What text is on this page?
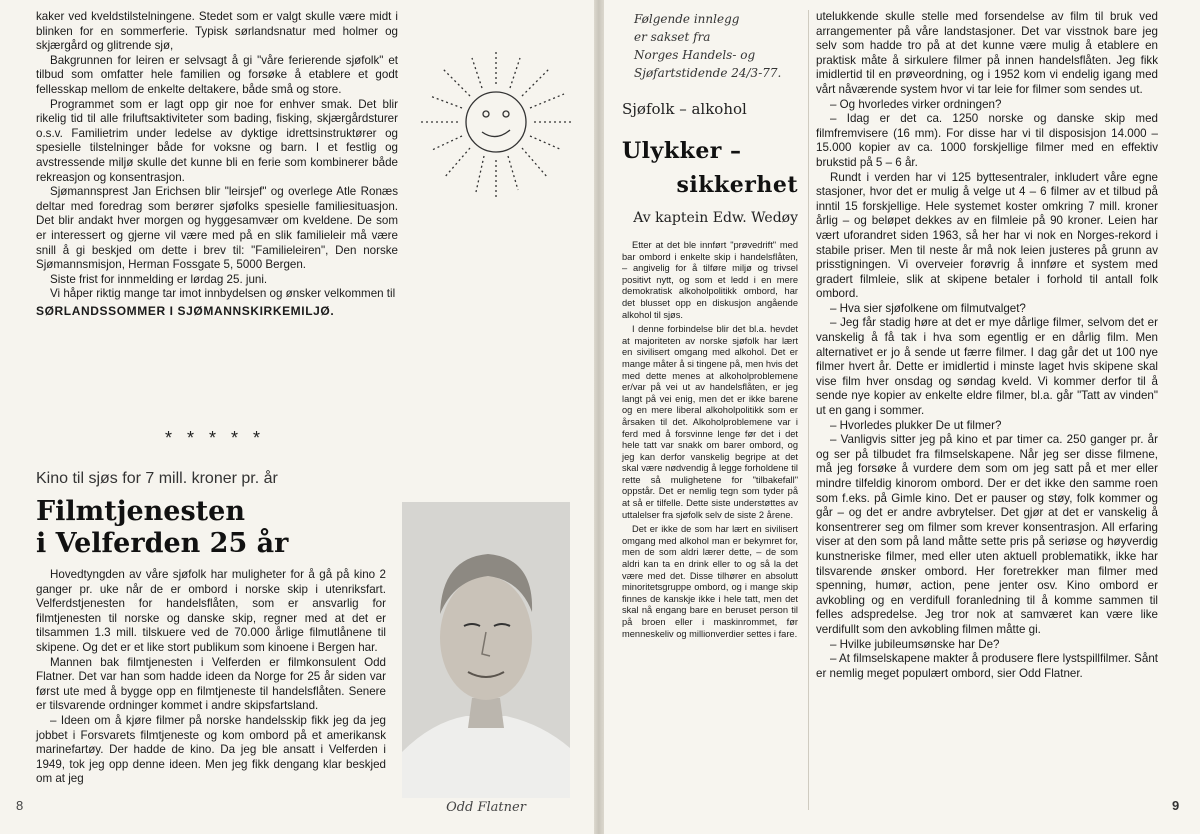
kaker ved kveldstilstelningene. Stedet som er valgt skulle være midt i blinken for en sommerferie. Typisk sørlandsnatur med holmer og skjærgård og glitrende sjø,

Bakgrunnen for leiren er selvsagt å gi "våre ferierende sjøfolk" et tilbud som omfatter hele familien og forsøke å etablere et godt fellesskap mellom de enkelte deltakere, både små og store.

Programmet som er lagt opp gir noe for enhver smak. Det blir rikelig tid til alle friluftsaktiviteter som bading, fisking, skjærgårdsturer o.s.v. Familietrim under ledelse av dyktige idrettsinstruktører og spesielle tilstelninger både for voksne og barn. I et festlig og avstressende miljø skulle det kunne bli en ferie som kombinerer både rekreasjon og konsentrasjon.

Sjømannsprest Jan Erichsen blir "leirsjef" og overlege Atle Ronæs deltar med foredrag som berører sjøfolks spesielle familiesituasjon. Det blir andakt hver morgen og hyggesamvær om kveldene. De som er interessert og gjerne vil være med på en slik familieleir må være snill å gi beskjed om dette i brev til: "Familieleiren", Den norske Sjømannsmisjon, Herman Fossgate 5, 5000 Bergen.

Siste frist for innmelding er lørdag 25. juni.

Vi håper riktig mange tar imot innbydelsen og ønsker velkommen til

SØRLANDSSOMMER I SJØMANNSKIRKEMILJØ.
* * * * *
Kino til sjøs for 7 mill. kroner pr. år
Filmtjenesten
i Velferden 25 år

Hovedtyngden av våre sjøfolk har muligheter for å gå på kino 2 ganger pr. uke når de er ombord i norske skip i utenriksfart. Velferdstjenesten for handelsflåten, som er ansvarlig for filmtjenesten til norske og danske skip, regner med at det er tilsammen 1.3 mill. tilskuere ved de 70.000 årlige filmutlånene til skipene. Og det er et like stort publikum som kinoene i Bergen har.

Mannen bak filmtjenesten i Velferden er filmkonsulent Odd Flatner. Det var han som hadde ideen da Norge for 25 år siden var først ute med å bygge opp en filmtjeneste til handelsflåten. Senere er tilsvarende ordninger kommet i andre skipsfartsland.

– Ideen om å kjøre filmer på norske handelsskip fikk jeg da jeg jobbet i Forsvarets filmtjeneste og kom ombord på et amerikansk marinefartøy. Der hadde de kino. Da jeg ble ansatt i Velferden i 1949, tok jeg opp denne ideen. Men jeg fikk dengang klar beskjed om at jeg

Odd Flatner
8
Følgende innlegg
er sakset fra
Norges Handels- og
Sjøfartstidende 24/3-77.
Sjøfolk – alkohol
Ulykker –
sikkerhet
Av kaptein Edw. Wedøy

Etter at det ble innført "prøvedrift" med bar ombord i enkelte skip i handelsflåten, – angivelig for å tilføre miljø og trivsel positivt nytt, og som et ledd i en mere demokratisk alkoholpolitikk ombord, har det blusset opp en diskusjon angående alkohol til sjøs.

I denne forbindelse blir det bl.a. hevdet at majoriteten av norske sjøfolk har lært en sivilisert omgang med alkohol. Det er mange måter å si tingene på, men hvis det med dette menes at alkoholproblemene er/var på vei ut av handelsflåten, er jeg langt på vei enig, men det er ikke barene og en mere liberal alkoholpolitikk som er årsaken til det. Alkoholproblemene var i ferd med å forsvinne lenge før det i det hele tatt var snakk om barer ombord, og jeg kan derfor vanskelig begripe at det skal være nødvendig å legge forholdene til rette så mulighetene for "tilbakefall" oppstår. Det er nemlig tegn som tyder på at så er tilfelle. Dette siste understøttes av uttalelser fra sjøfolk selv de siste 2 årene.

Det er ikke de som har lært en sivilisert omgang med alkohol man er bekymret for, men de som aldri lærer dette, – de som aldri kan ta en drink eller to og så la det være med det. Disse tilhører en absolutt minoritetsgruppe ombord, og i mange skip finnes de kanskje ikke i hele tatt, men det skal nå engang bare en beruset person til på broen eller i maskinrommet, før menneskeliv og millionverdier settes i fare.

utelukkende skulle stelle med forsendelse av film til bruk ved arrangementer på våre landstasjoner. Det var visstnok bare jeg selv som hadde tro på at det kunne være mulig å etablere en praktisk måte å sirkulere filmer på innen handelsflåten. Jeg fikk imidlertid til en prøveordning, og i 1952 kom vi endelig igang med vårt nåværende system hvor vi tar leie for filmer som sendes ut.

– Og hvorledes virker ordningen?

– Idag er det ca. 1250 norske og danske skip med filmfremvisere (16 mm). For disse har vi til disposisjon 14.000 – 15.000 kopier av ca. 1000 forskjellige filmer med en effektiv brukstid på 5 – 6 år.

Rundt i verden har vi 125 byttesentraler, inkludert våre egne stasjoner, hvor det er mulig å velge ut 4 – 6 filmer av et tilbud på inntil 15 forskjellige. Hele systemet koster omkring 7 mill. kroner årlig – og beløpet dekkes av en filmleie på 90 kroner. Leien har vært uforandret siden 1963, så her har vi nok en Norges-rekord i stabile priser. Men til neste år må nok leien justeres på grunn av prisstigningen. Vi overveier forøvrig å innføre et system med gradert filmleie, slik at skipene betaler i forhold til antall folk ombord.

– Hva sier sjøfolkene om filmutvalget?

– Jeg får stadig høre at det er mye dårlige filmer, selvom det er vanskelig å få tak i hva som egentlig er en dårlig film. Men alternativet er jo å sende ut færre filmer. I dag går det ut 100 nye filmer hvert år. Dette er imidlertid i minste laget hvis skipene skal vise film hver onsdag og søndag kveld. Vi kommer derfor til å sende nye kopier av enkelte eldre filmer, bl.a. går "Tatt av vinden" ut en gang i sommer.

– Hvorledes plukker De ut filmer?

– Vanligvis sitter jeg på kino et par timer ca. 250 ganger pr. år og ser på tilbudet fra filmselskapene. Når jeg ser disse filmene, må jeg forsøke å vurdere dem som om jeg satt på et mer eller mindre tilfeldig kinorom ombord. Der er det ikke den samme roen som f.eks. på Gimle kino. Det er pauser og støy, folk kommer og går – og det er andre avbrytelser. Det gjør at det er vanskelig å konsentrerer seg om filmer som krever konsentrasjon. All erfaring viser at den som på land måtte sette pris på seriøse og høyverdig kunstneriske filmer, med eller uten aktuell problematikk, ikke har tilsvarende ønsker ombord. Her foretrekker man filmer med spenning, humør, action, pene jenter osv. Kino ombord er avkobling og en verdifull foranledning til å komme sammen til felles adspredelse. Jeg tror nok at samværet kan være like verdifullt som den avkobling filmen måtte gi.

– Hvilke jubileumsønske har De?

– At filmselskapene makter å produsere flere lystspillfilmer. Sånt er nemlig meget populært ombord, sier Odd Flatner.

9
